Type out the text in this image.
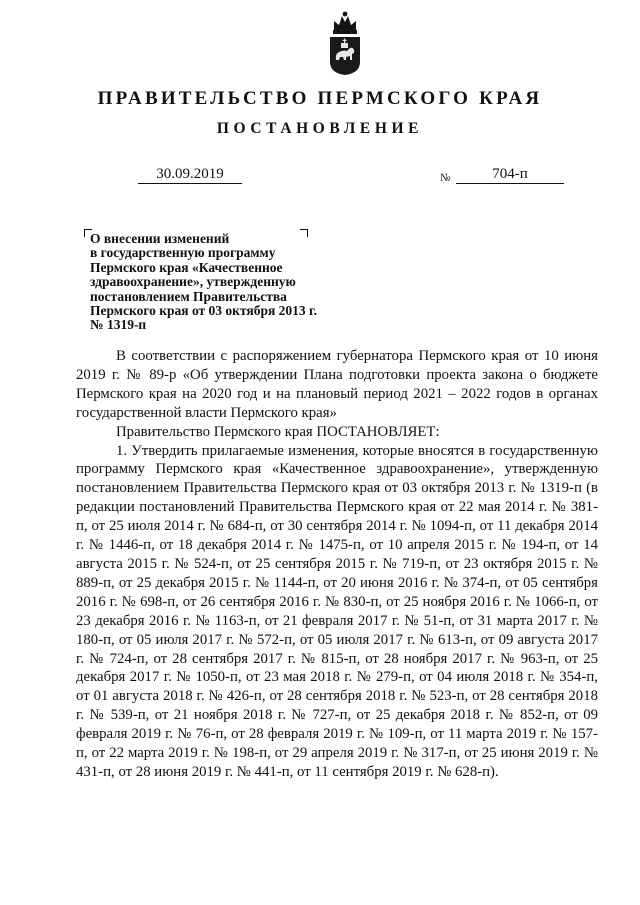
ПРАВИТЕЛЬСТВО ПЕРМСКОГО КРАЯ
ПОСТАНОВЛЕНИЕ
30.09.2019	№	704-п
О внесении изменений
в государственную программу
Пермского края «Качественное
здравоохранение», утвержденную
постановлением Правительства
Пермского края от 03 октября 2013 г.
№ 1319-п

В соответствии с распоряжением губернатора Пермского края от 10 июня 2019 г. № 89-р «Об утверждении Плана подготовки проекта закона о бюджете Пермского края на 2020 год и на плановый период 2021 – 2022 годов в органах государственной власти Пермского края»

Правительство Пермского края ПОСТАНОВЛЯЕТ:

1. Утвердить прилагаемые изменения, которые вносятся в государственную программу Пермского края «Качественное здравоохранение», утвержденную постановлением Правительства Пермского края от 03 октября 2013 г. № 1319-п (в редакции постановлений Правительства Пермского края от 22 мая 2014 г. № 381-п, от 25 июля 2014 г. № 684-п, от 30 сентября 2014 г. № 1094-п, от 11 декабря 2014 г. № 1446-п, от 18 декабря 2014 г. № 1475-п, от 10 апреля 2015 г. № 194-п, от 14 августа 2015 г. № 524-п, от 25 сентября 2015 г. № 719-п, от 23 октября 2015 г. № 889-п, от 25 декабря 2015 г. № 1144-п, от 20 июня 2016 г. № 374-п, от 05 сентября 2016 г. № 698-п, от 26 сентября 2016 г. № 830-п, от 25 ноября 2016 г. № 1066-п, от 23 декабря 2016 г. № 1163-п, от 21 февраля 2017 г. № 51-п, от 31 марта 2017 г. № 180-п, от 05 июля 2017 г. № 572-п, от 05 июля 2017 г. № 613-п, от 09 августа 2017 г. № 724-п, от 28 сентября 2017 г. № 815-п, от 28 ноября 2017 г. № 963-п, от 25 декабря 2017 г. № 1050-п, от 23 мая 2018 г. № 279-п, от 04 июля 2018 г. № 354-п, от 01 августа 2018 г. № 426-п, от 28 сентября 2018 г. № 523-п, от 28 сентября 2018 г. № 539-п, от 21 ноября 2018 г. № 727-п, от 25 декабря 2018 г. № 852-п, от 09 февраля 2019 г. № 76-п, от 28 февраля 2019 г. № 109-п, от 11 марта 2019 г. № 157-п, от 22 марта 2019 г. № 198-п, от 29 апреля 2019 г. № 317-п, от 25 июня 2019 г. № 431-п, от 28 июня 2019 г. № 441-п, от 11 сентября 2019 г. № 628-п).
